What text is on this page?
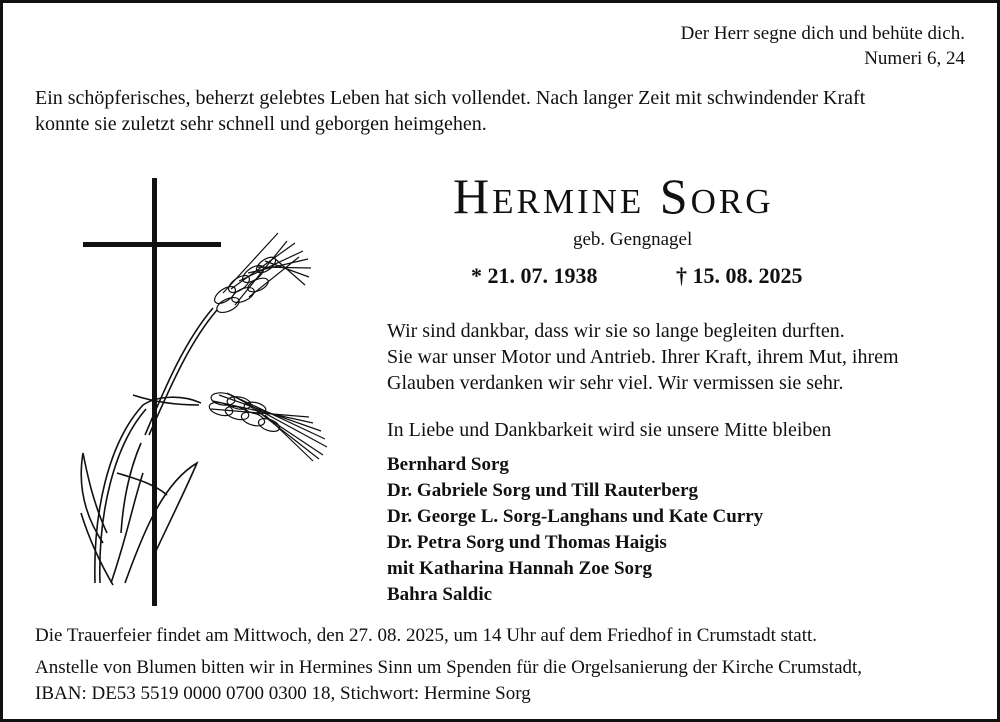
Der Herr segne dich und behüte dich.
Numeri 6, 24
Ein schöpferisches, beherzt gelebtes Leben hat sich vollendet. Nach langer Zeit mit schwindender Kraft
konnte sie zuletzt sehr schnell und geborgen heimgehen.
Hermine Sorg
geb. Gengnagel
* 21. 07. 1938	† 15. 08. 2025
Wir sind dankbar, dass wir sie so lange begleiten durften.
Sie war unser Motor und Antrieb. Ihrer Kraft, ihrem Mut, ihrem
Glauben verdanken wir sehr viel. Wir vermissen sie sehr.
In Liebe und Dankbarkeit wird sie unsere Mitte bleiben
Bernhard Sorg
Dr. Gabriele Sorg und Till Rauterberg
Dr. George L. Sorg-Langhans und Kate Curry
Dr. Petra Sorg und Thomas Haigis
mit Katharina Hannah Zoe Sorg
Bahra Saldic
Die Trauerfeier findet am Mittwoch, den 27. 08. 2025, um 14 Uhr auf dem Friedhof in Crumstadt statt.
Anstelle von Blumen bitten wir in Hermines Sinn um Spenden für die Orgelsanierung der Kirche Crumstadt,
IBAN: DE53 5519 0000 0700 0300 18, Stichwort: Hermine Sorg
